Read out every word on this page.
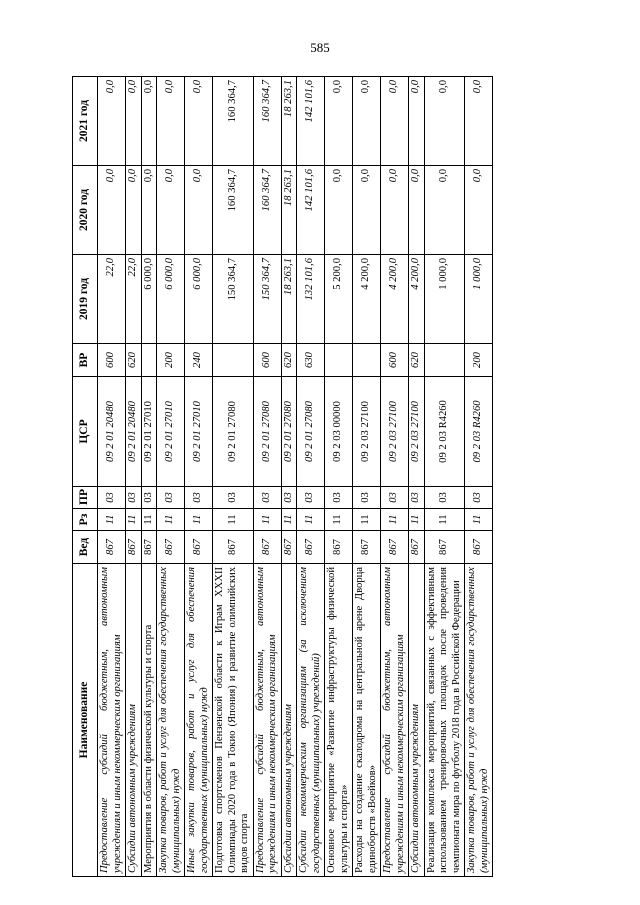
585
Наименование	Вед	Рз	ПР	ЦСР	ВР	2019 год	2020 год	2021 год
Предоставление субсидий бюджетным, автономным учреждениям и иным некоммерческим организациям	867	11	03	09 2 01 20480	600	22,0	0,0	0,0
Субсидии автономным учреждениям	867	11	03	09 2 01 20480	620	22,0	0,0	0,0
Мероприятия в области физической культуры и спорта	867	11	03	09 2 01 27010		6 000,0	0,0	0,0
Закупка товаров, работ и услуг для обеспечения государственных (муниципальных) нужд	867	11	03	09 2 01 27010	200	6 000,0	0,0	0,0
Иные закупки товаров, работ и услуг для обеспечения государственных (муниципальных) нужд	867	11	03	09 2 01 27010	240	6 000,0	0,0	0,0
Подготовка спортсменов Пензенской области к Играм XXXII Олимпиады 2020 года в Токио (Япония) и развитие олимпийских видов спорта	867	11	03	09 2 01 27080		150 364,7	160 364,7	160 364,7
Предоставление субсидий бюджетным, автономным учреждениям и иным некоммерческим организациям	867	11	03	09 2 01 27080	600	150 364,7	160 364,7	160 364,7
Субсидии автономным учреждениям	867	11	03	09 2 01 27080	620	18 263,1	18 263,1	18 263,1
Субсидии некоммерческим организациям (за исключением государственных (муниципальных) учреждений)	867	11	03	09 2 01 27080	630	132 101,6	142 101,6	142 101,6
Основное мероприятие «Развитие инфраструктуры физической культуры и спорта»	867	11	03	09 2 03 00000		5 200,0	0,0	0,0
Расходы на создание скалодрома на центральной арене Дворца единоборств «Воейков»	867	11	03	09 2 03 27100		4 200,0	0,0	0,0
Предоставление субсидий бюджетным, автономным учреждениям и иным некоммерческим организациям	867	11	03	09 2 03 27100	600	4 200,0	0,0	0,0
Субсидии автономным учреждениям	867	11	03	09 2 03 27100	620	4 200,0	0,0	0,0
Реализация комплекса мероприятий, связанных с эффективным использованием тренировочных площадок после проведения чемпионата мира по футболу 2018 года в Российской Федерации	867	11	03	09 2 03 R4260		1 000,0	0,0	0,0
Закупка товаров, работ и услуг для обеспечения государственных (муниципальных) нужд	867	11	03	09 2 03 R4260	200	1 000,0	0,0	0,0
